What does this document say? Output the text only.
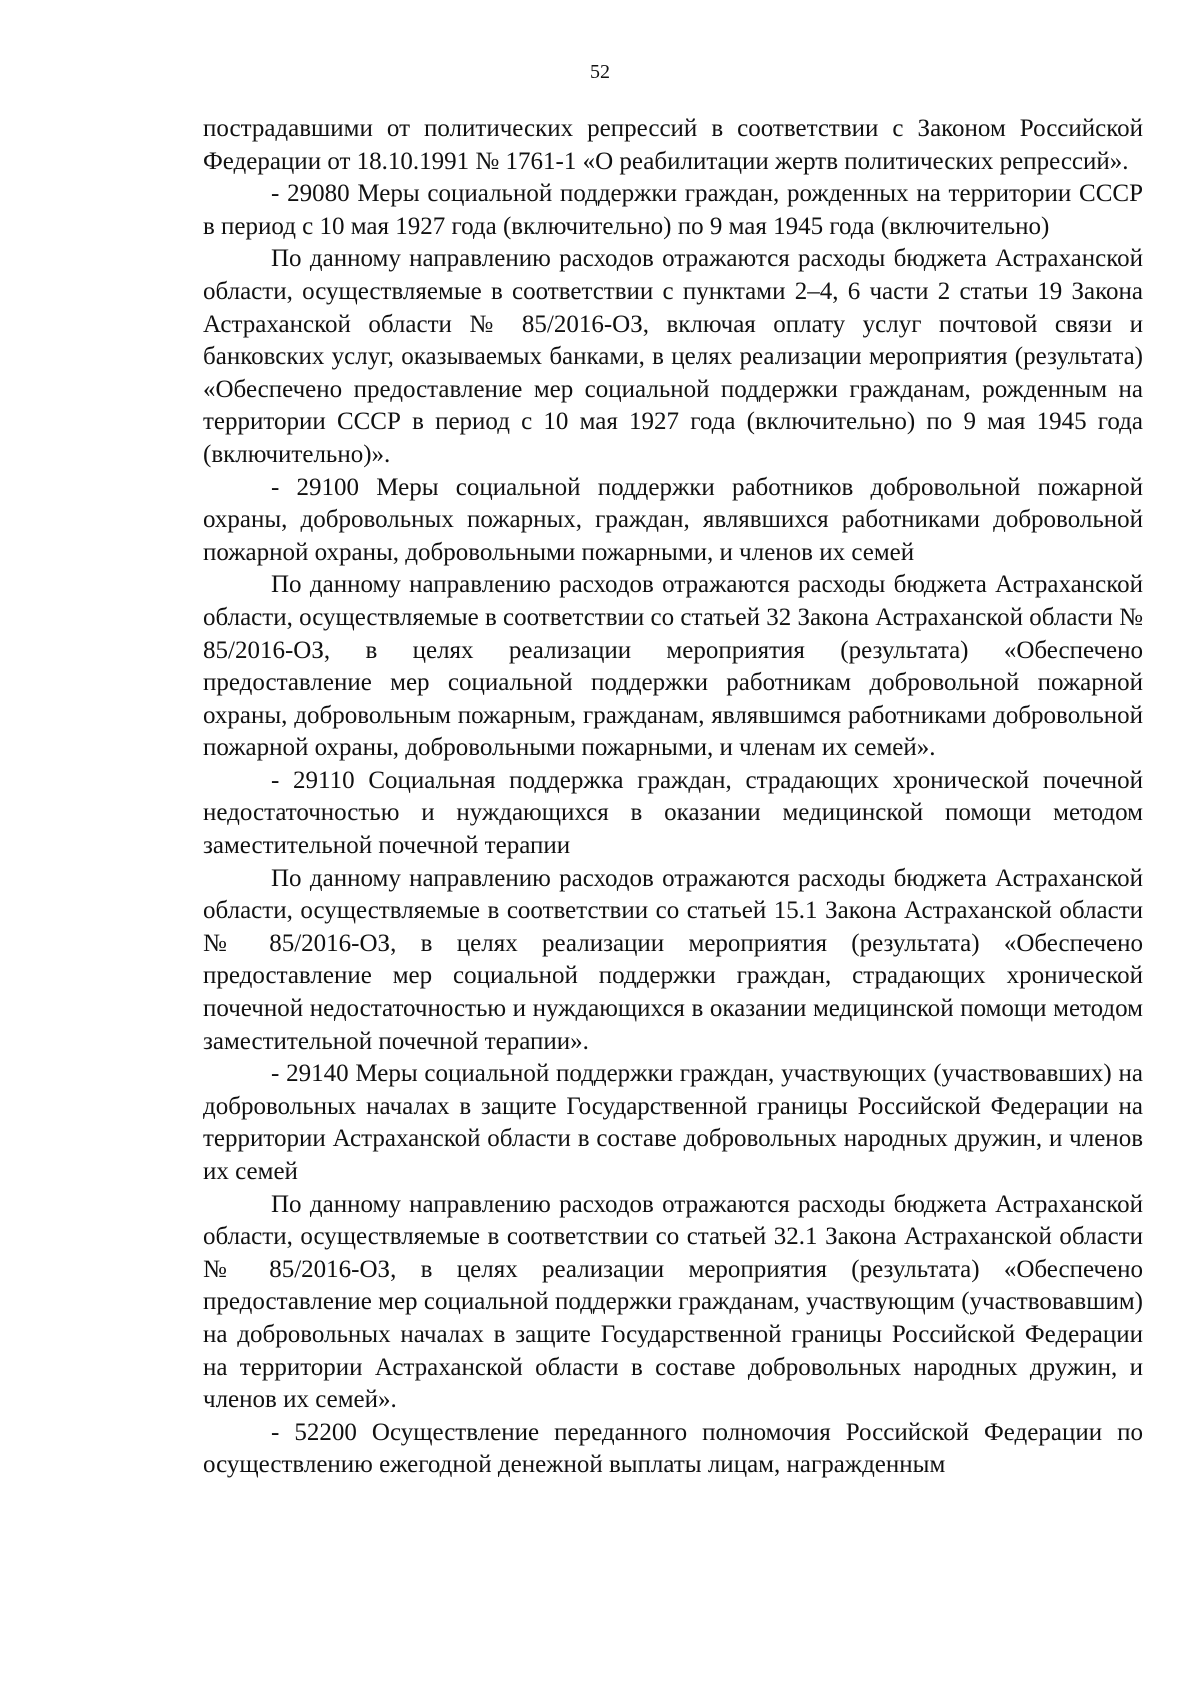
52

пострадавшими от политических репрессий в соответствии с Законом Российской Федерации от 18.10.1991 № 1761-1 «О реабилитации жертв политических репрессий».

- 29080 Меры социальной поддержки граждан, рожденных на территории СССР в период с 10 мая 1927 года (включительно) по 9 мая 1945 года (включительно)

По данному направлению расходов отражаются расходы бюджета Астраханской области, осуществляемые в соответствии с пунктами 2–4, 6 части 2 статьи 19 Закона Астраханской области № 85/2016-ОЗ, включая оплату услуг почтовой связи и банковских услуг, оказываемых банками, в целях реализации мероприятия (результата) «Обеспечено предоставление мер социальной поддержки гражданам, рожденным на территории СССР в период с 10 мая 1927 года (включительно) по 9 мая 1945 года (включительно)».

- 29100 Меры социальной поддержки работников добровольной пожарной охраны, добровольных пожарных, граждан, являвшихся работниками добровольной пожарной охраны, добровольными пожарными, и членов их семей

По данному направлению расходов отражаются расходы бюджета Астраханской области, осуществляемые в соответствии со статьей 32 Закона Астраханской области № 85/2016-ОЗ, в целях реализации мероприятия (результата) «Обеспечено предоставление мер социальной поддержки работникам добровольной пожарной охраны, добровольным пожарным, гражданам, являвшимся работниками добровольной пожарной охраны, добровольными пожарными, и членам их семей».

- 29110 Социальная поддержка граждан, страдающих хронической почечной недостаточностью и нуждающихся в оказании медицинской помощи методом заместительной почечной терапии

По данному направлению расходов отражаются расходы бюджета Астраханской области, осуществляемые в соответствии со статьей 15.1 Закона Астраханской области № 85/2016-ОЗ, в целях реализации мероприятия (результата) «Обеспечено предоставление мер социальной поддержки граждан, страдающих хронической почечной недостаточностью и нуждающихся в оказании медицинской помощи методом заместительной почечной терапии».

- 29140 Меры социальной поддержки граждан, участвующих (участвовавших) на добровольных началах в защите Государственной границы Российской Федерации на территории Астраханской области в составе добровольных народных дружин, и членов их семей

По данному направлению расходов отражаются расходы бюджета Астраханской области, осуществляемые в соответствии со статьей 32.1 Закона Астраханской области № 85/2016-ОЗ, в целях реализации мероприятия (результата) «Обеспечено предоставление мер социальной поддержки гражданам, участвующим (участвовавшим) на добровольных началах в защите Государственной границы Российской Федерации на территории Астраханской области в составе добровольных народных дружин, и членов их семей».

- 52200 Осуществление переданного полномочия Российской Федерации по осуществлению ежегодной денежной выплаты лицам, награжденным
